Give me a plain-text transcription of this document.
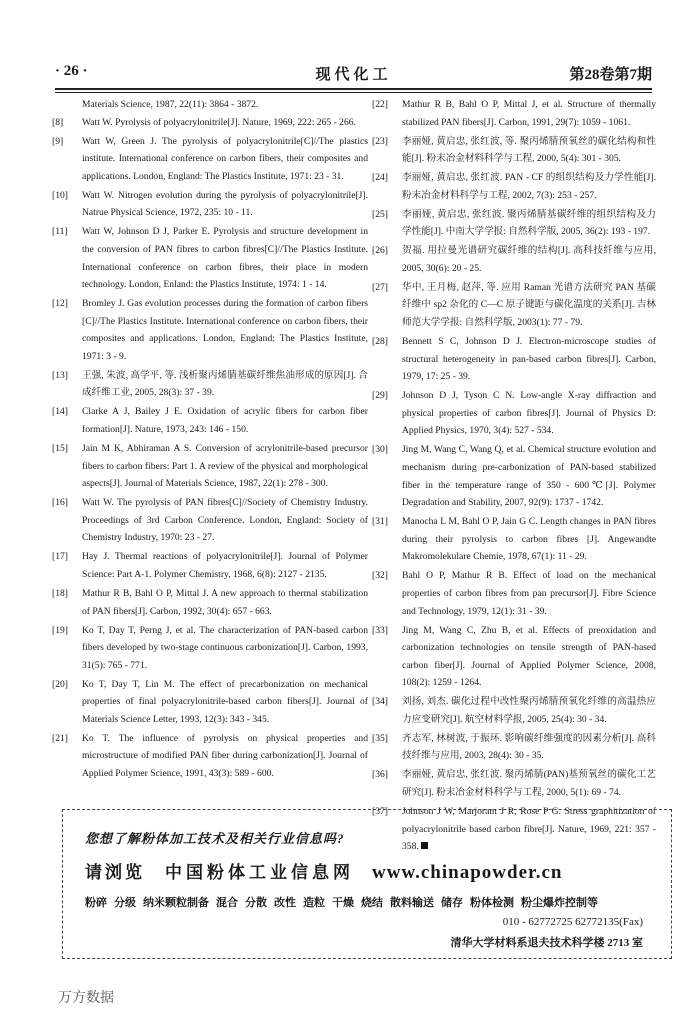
· 26 ·	现代化工	第28卷第7期
Materials Science, 1987, 22(11): 3864 - 3872.
[8]	Watt W. Pyrolysis of polyacrylonitrile[J]. Nature, 1969, 222: 265 - 266.
[9]	Watt W, Green J. The pyrolysis of polyacrylonitrile[C]//The plastics institute. International conference on carbon fibers, their composites and applications. London, England: The Plastics Institute, 1971: 23 - 31.
[10]	Watt W. Nitrogen evolution during the pyrolysis of polyacrylonitrile[J]. Natrue Physical Science, 1972, 235: 10 - 11.
[11]	Watt W, Johnson D J, Parker E. Pyrolysis and structure development in the conversion of PAN fibres to carbon fibres[C]//The Plastics Institute. International conference on carbon fibres, their place in modern technology. London, Enland: the Plastics Institute, 1974: 1 - 14.
[12]	Bromley J. Gas evolution processes during the formation of carbon fibers [C]//The Plastics Institute. International conference on carbon fibers, their composites and applications. London, England: The Plastics Institute, 1971: 3 - 9.
[13]	王强, 朱波, 高学平, 等. 浅析聚丙烯腈基碳纤维焦油形成的原因[J]. 合成纤维工业, 2005, 28(3): 37 - 39.
[14]	Clarke A J, Bailey J E. Oxidation of acrylic fibers for carbon fiber formation[J]. Nature, 1973, 243: 146 - 150.
[15]	Jain M K, Abhiraman A S. Conversion of acrylonitrile-based precursor fibers to carbon fibers: Part 1. A review of the physical and morphological aspects[J]. Journal of Materials Science, 1987, 22(1): 278 - 300.
[16]	Watt W. The pyrolysis of PAN fibres[C]//Society of Chemistry Industry. Proceedings of 3rd Carbon Conference. London, England: Society of Chemistry Industry, 1970: 23 - 27.
[17]	Hay J. Thermal reactions of polyacrylonitrile[J]. Journal of Polymer Science: Part A-1. Polymer Chemistry, 1968, 6(8): 2127 - 2135.
[18]	Mathur R B, Bahl O P, Mittal J. A new approach to thermal stabilization of PAN fibers[J]. Carbon, 1992, 30(4): 657 - 663.
[19]	Ko T, Day T, Perng J, et al. The characterization of PAN-based carbon fibers developed by two-stage continuous carbonization[J]. Carbon, 1993, 31(5): 765 - 771.
[20]	Ko T, Day T, Lin M. The effect of precarbonization on mechanical properties of final polyacrylonitrile-based carbon fibers[J]. Journal of Materials Science Letter, 1993, 12(3): 343 - 345.
[21]	Ko T. The influence of pyrolysis on physical properties and microstructure of modified PAN fiber during carbonization[J]. Journal of Applied Polymer Science, 1991, 43(3): 589 - 600.
[22]	Mathur R B, Bahl O P, Mittal J, et al. Structure of thermally stabilized PAN fibers[J]. Carbon, 1991, 29(7): 1059 - 1061.
[23]	李丽娅, 黄启忠, 张红波, 等. 聚丙烯腈预氧丝的碳化结构和性能[J]. 粉末冶金材料科学与工程, 2000, 5(4): 301 - 305.
[24]	李丽娅, 黄启忠, 张红波. PAN - CF 的组织结构及力学性能[J]. 粉末冶金材料科学与工程, 2002, 7(3): 253 - 257.
[25]	李丽娅, 黄启忠, 张红波. 聚丙烯腈基碳纤维的组织结构及力学性能[J]. 中南大学学报: 自然科学版, 2005, 36(2): 193 - 197.
[26]	贺福. 用拉曼光谱研究碳纤维的结构[J]. 高科技纤维与应用, 2005, 30(6): 20 - 25.
[27]	华中, 王月梅, 赵萍, 等. 应用 Raman 光谱方法研究 PAN 基碳纤维中 sp2 杂化的 C—C 原子键距与碳化温度的关系[J]. 吉林师范大学学报: 自然科学版, 2003(1): 77 - 79.
[28]	Bennett S C, Johnson D J. Electron-microscope studies of structural heterogeneity in pan-based carbon fibres[J]. Carbon, 1979, 17: 25 - 39.
[29]	Johnson D J, Tyson C N. Low-angle X-ray diffraction and physical properties of carbon fibres[J]. Journal of Physics D: Applied Physics, 1970, 3(4): 527 - 534.
[30]	Jing M, Wang C, Wang Q, et al. Chemical structure evolution and mechanism during pre-carbonization of PAN-based stabilized fiber in the temperature range of 350 - 600℃[J]. Polymer Degradation and Stability, 2007, 92(9): 1737 - 1742.
[31]	Manocha L M, Bahl O P, Jain G C. Length changes in PAN fibres during their pyrolysis to carbon fibres [J]. Angewandte Makromolekulare Chemie, 1978, 67(1): 11 - 29.
[32]	Bahl O P, Mathur R B. Effect of load on the mechanical properties of carbon fibres from pan precursor[J]. Fibre Science and Technology, 1979, 12(1): 31 - 39.
[33]	Jing M, Wang C, Zhu B, et al. Effects of preoxidation and carbonization technologies on tensile strength of PAN-based carbon fiber[J]. Journal of Applied Polymer Science, 2008, 108(2): 1259 - 1264.
[34]	刘扬, 刘杰. 碳化过程中改性聚丙烯腈预氧化纤维的高温热应力应变研究[J]. 航空材料学报, 2005, 25(4): 30 - 34.
[35]	齐志军, 林树波, 于振环. 影响碳纤维强度的因素分析[J]. 高科技纤维与应用, 2003, 28(4): 30 - 35.
[36]	李丽娅, 黄启忠, 张红波. 聚丙烯腈(PAN)基预氧丝的碳化工艺研究[J]. 粉末冶金材料科学与工程, 2000, 5(1): 69 - 74.
[37]	Johnson J W, Marjoram J R, Rose P G. Stress graphitization of polyacrylonitrile based carbon fibre[J]. Nature, 1969, 221: 357 - 358.
您想了解粉体加工技术及相关行业信息吗?
请浏览 中国粉体工业信息网 www.chinapowder.cn
粉碎 分级 纳米颗粒制备 混合 分散 改性 造粒 干燥 烧结 散料输送 储存 粉体检测 粉尘爆炸控制等
010 - 62772725 62772135(Fax)
清华大学材料系退夫技术科学楼 2713 室
万方数据
